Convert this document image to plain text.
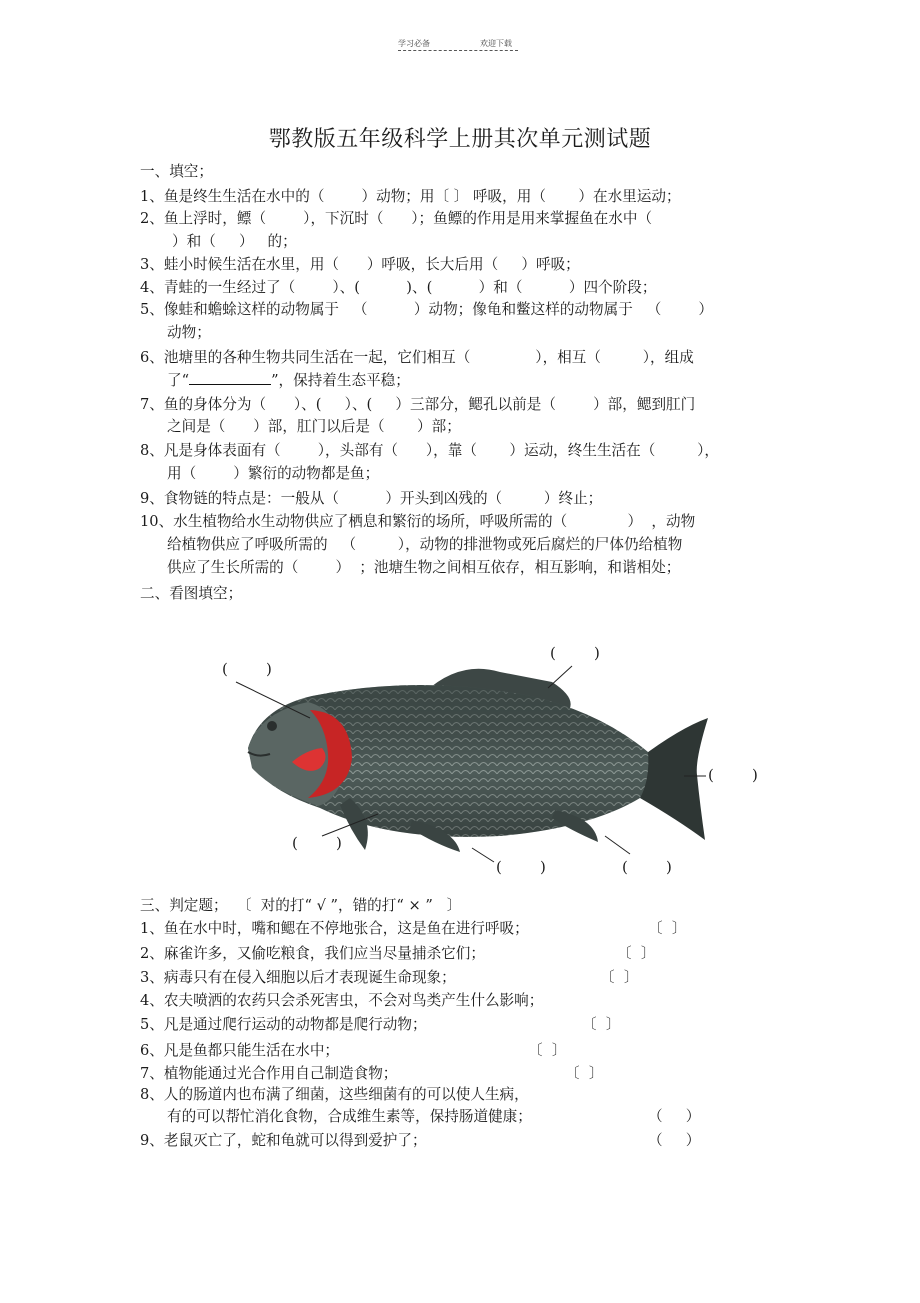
学习必备	欢迎下载
鄂教版五年级科学上册其次单元测试题
一、填空；
1、鱼是终生生活在水中的（        ）动物；用〔 〕 呼吸，用（       ）在水里运动；
2、鱼上浮时，鳔（        ），下沉时（      ）；鱼鳔的作用是用来掌握鱼在水中（
）和（     ）   的；
3、蛙小时候生活在水里，用（      ）呼吸，长大后用（     ）呼吸；
4、青蛙的一生经过了（        ）、(          )、(          ）和（          ）四个阶段；
5、像蛙和蟾蜍这样的动物属于   （          ）动物；像龟和鳖这样的动物属于   （        ）
动物；
6、池塘里的各种生物共同生活在一起，它们相互（              ），相互（         ），组成
了“	”，保持着生态平稳；
7、鱼的身体分为（      ）、(     ）、(     ）三部分，鳃孔以前是（        ）部，鳃到肛门
之间是（      ）部，肛门以后是（       ）部；
8、凡是身体表面有（        ），头部有（      ），靠（       ）运动，终生生活在（         ），
用（        ）繁衍的动物都是鱼；
9、食物链的特点是：一般从（          ）开头到凶残的（         ）终止；
10、水生植物给水生动物供应了栖息和繁衍的场所，呼吸所需的（             ）  ，动物
给植物供应了呼吸所需的   （         ），动物的排泄物或死后腐烂的尸体仍给植物
供应了生长所需的（        ）  ；池塘生物之间相互依存，相互影响，和谐相处；
二、看图填空；
(        )
(        )
(        )
(        )
(        )	(        )
三、判定题；  〔  对的打“ √ ”，错的打“ × ”   〕
1、鱼在水中时，嘴和鳃在不停地张合，这是鱼在进行呼吸；	〔  〕
2、麻雀许多，又偷吃粮食，我们应当尽量捕杀它们；	〔  〕
3、病毒只有在侵入细胞以后才表现诞生命现象；	〔  〕
4、农夫喷洒的农药只会杀死害虫，不会对鸟类产生什么影响；
5、凡是通过爬行运动的动物都是爬行动物；	〔  〕
6、凡是鱼都只能生活在水中；	〔  〕
7、植物能通过光合作用自己制造食物；	〔  〕
8、人的肠道内也布满了细菌，这些细菌有的可以使人生病，
有的可以帮忙消化食物，合成维生素等，保持肠道健康；	（     ）
9、老鼠灭亡了，蛇和龟就可以得到爱护了；	（     ）
